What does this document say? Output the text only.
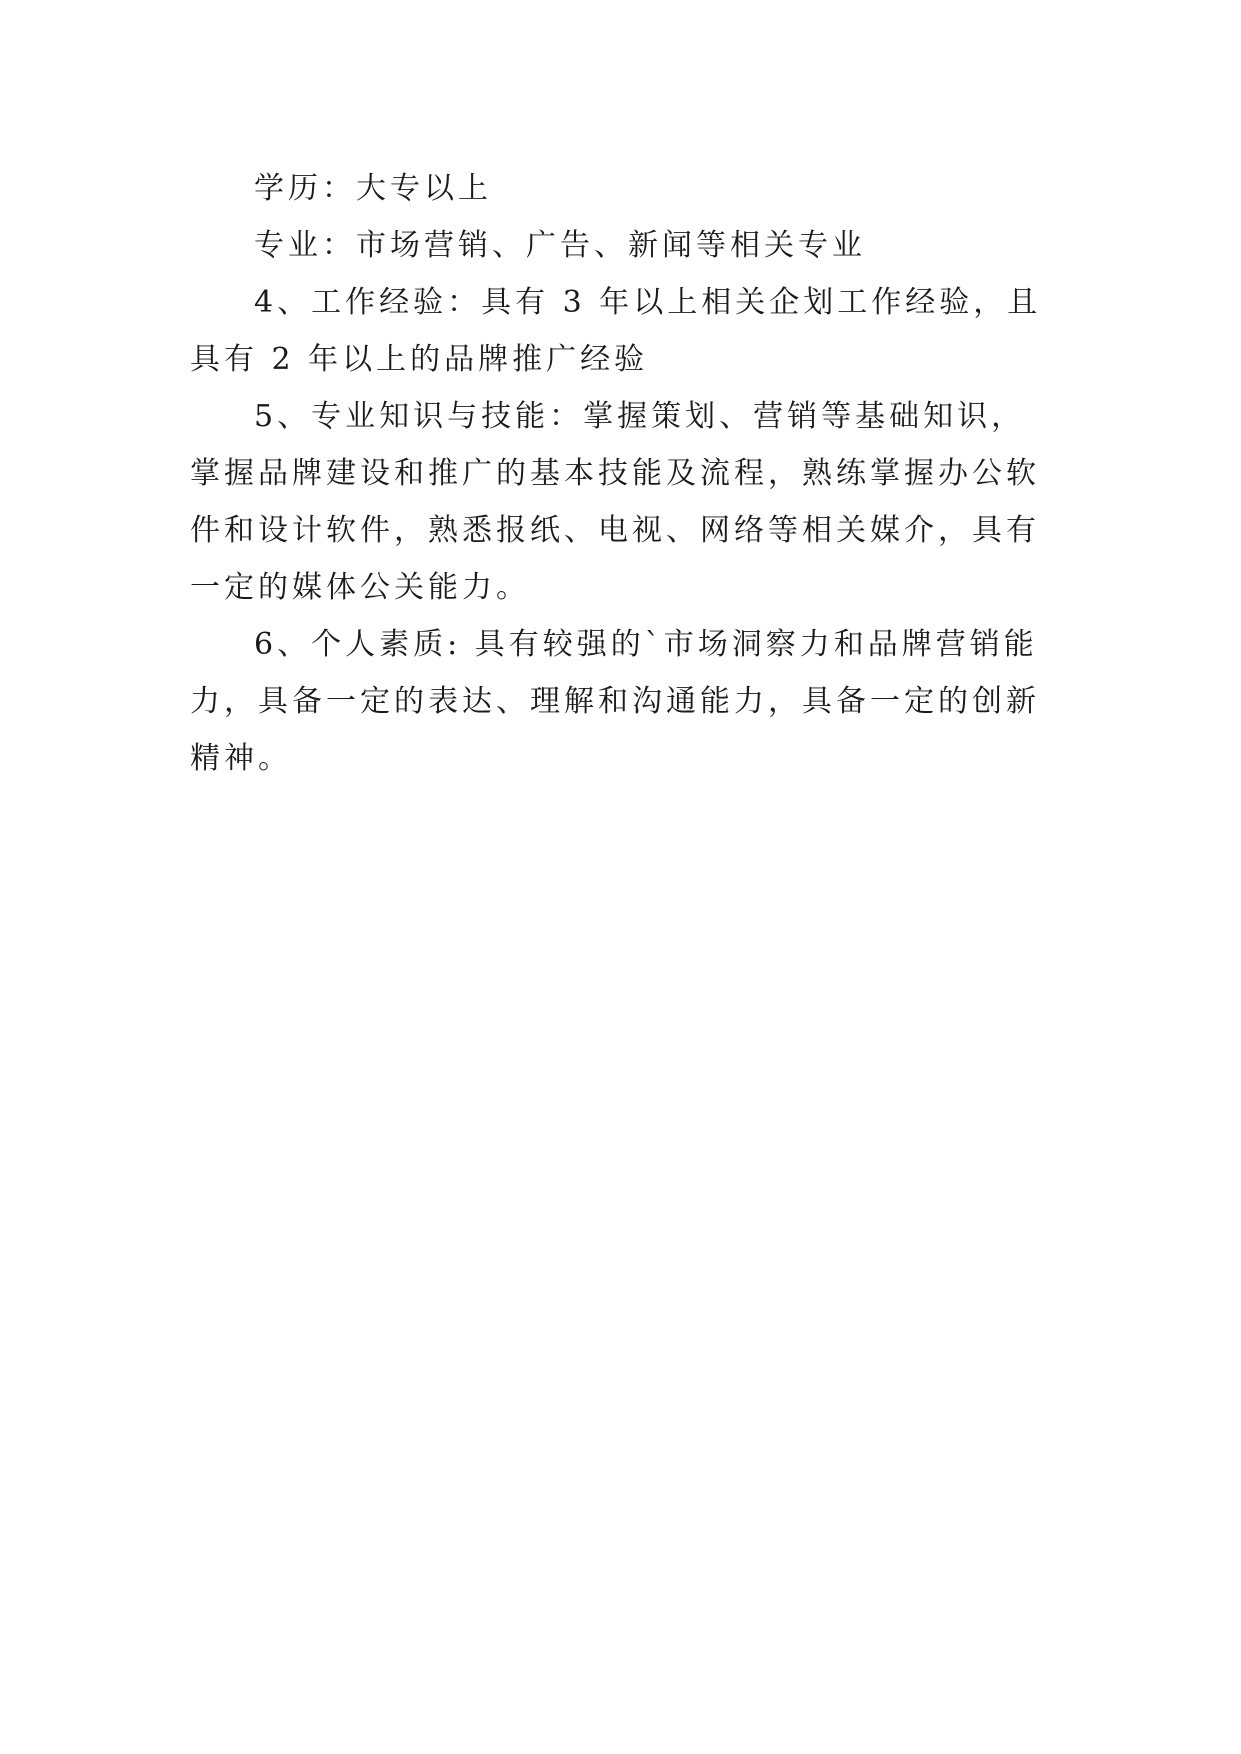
学历：大专以上

专业：市场营销、广告、新闻等相关专业

4、工作经验：具有 3 年以上相关企划工作经验，且具有 2 年以上的品牌推广经验

5、专业知识与技能：掌握策划、营销等基础知识，掌握品牌建设和推广的基本技能及流程，熟练掌握办公软件和设计软件，熟悉报纸、电视、网络等相关媒介，具有一定的媒体公关能力。

6、个人素质: 具有较强的`市场洞察力和品牌营销能力，具备一定的表达、理解和沟通能力，具备一定的创新精神。
